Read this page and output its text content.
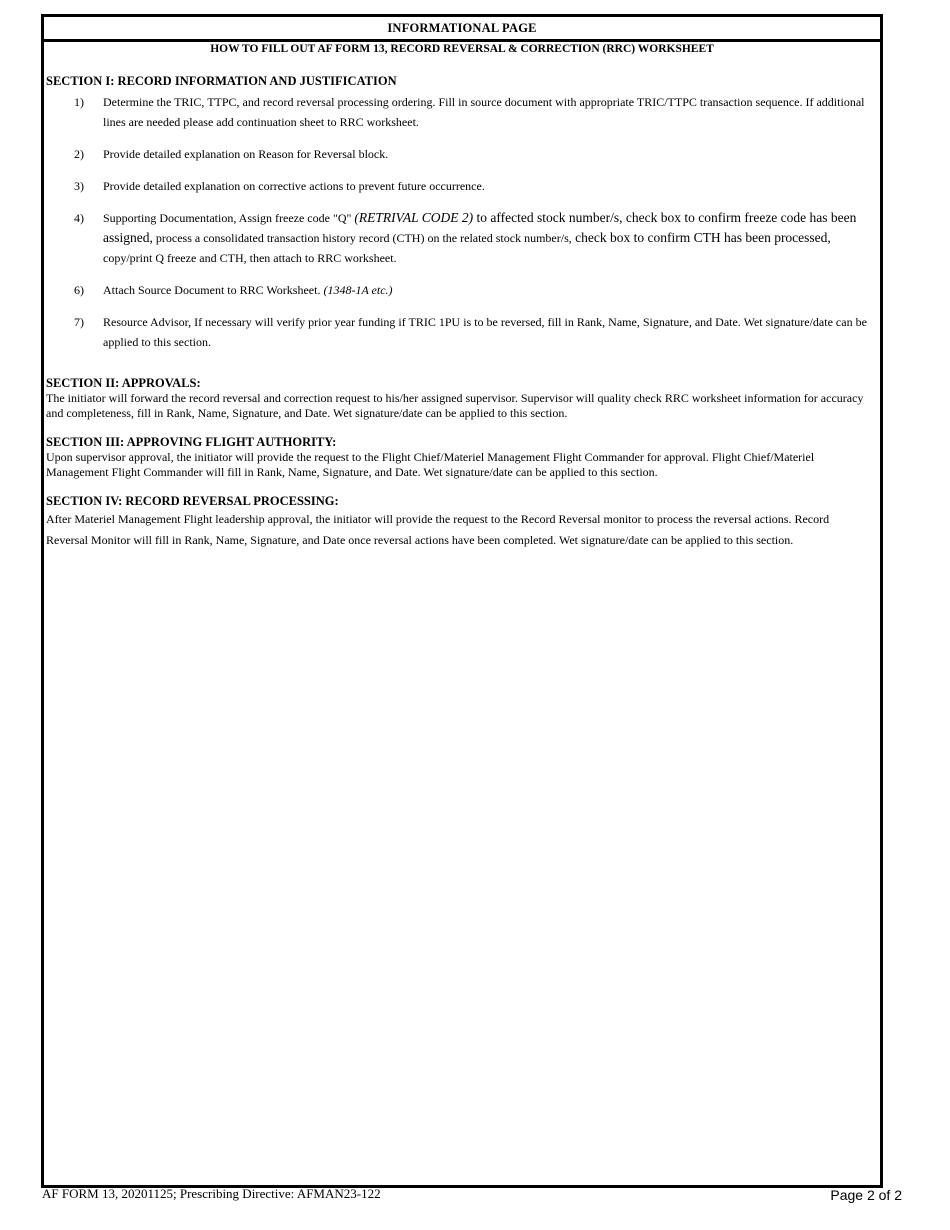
INFORMATIONAL PAGE
HOW TO FILL OUT AF FORM 13, RECORD REVERSAL & CORRECTION (RRC) WORKSHEET

SECTION I: RECORD INFORMATION AND JUSTIFICATION

1)	Determine the TRIC, TTPC, and record reversal processing ordering. Fill in source document with appropriate TRIC/TTPC transaction sequence. If additional lines are needed please add continuation sheet to RRC worksheet.
2)	Provide detailed explanation on Reason for Reversal block.
3)	Provide detailed explanation on corrective actions to prevent future occurrence.
4)	Supporting Documentation, Assign freeze code "Q" (RETRIVAL CODE 2) to affected stock number/s, check box to confirm freeze code has been assigned, process a consolidated transaction history record (CTH) on the related stock number/s, check box to confirm CTH has been processed, copy/print Q freeze and CTH, then attach to RRC worksheet.
6)	Attach Source Document to RRC Worksheet. (1348-1A etc.)
7)	Resource Advisor, If necessary will verify prior year funding if TRIC 1PU is to be reversed, fill in Rank, Name, Signature, and Date. Wet signature/date can be applied to this section.

SECTION II: APPROVALS:

The initiator will forward the record reversal and correction request to his/her assigned supervisor. Supervisor will quality check RRC worksheet information for accuracy and completeness, fill in Rank, Name, Signature, and Date. Wet signature/date can be applied to this section.

SECTION III: APPROVING FLIGHT AUTHORITY:

Upon supervisor approval, the initiator will provide the request to the Flight Chief/Materiel Management Flight Commander for approval. Flight Chief/Materiel Management Flight Commander will fill in Rank, Name, Signature, and Date. Wet signature/date can be applied to this section.

SECTION IV: RECORD REVERSAL PROCESSING:

After Materiel Management Flight leadership approval, the initiator will provide the request to the Record Reversal monitor to process the reversal actions. Record Reversal Monitor will fill in Rank, Name, Signature, and Date once reversal actions have been completed. Wet signature/date can be applied to this section.

AF FORM 13, 20201125; Prescribing Directive: AFMAN23-122	Page 2 of 2
